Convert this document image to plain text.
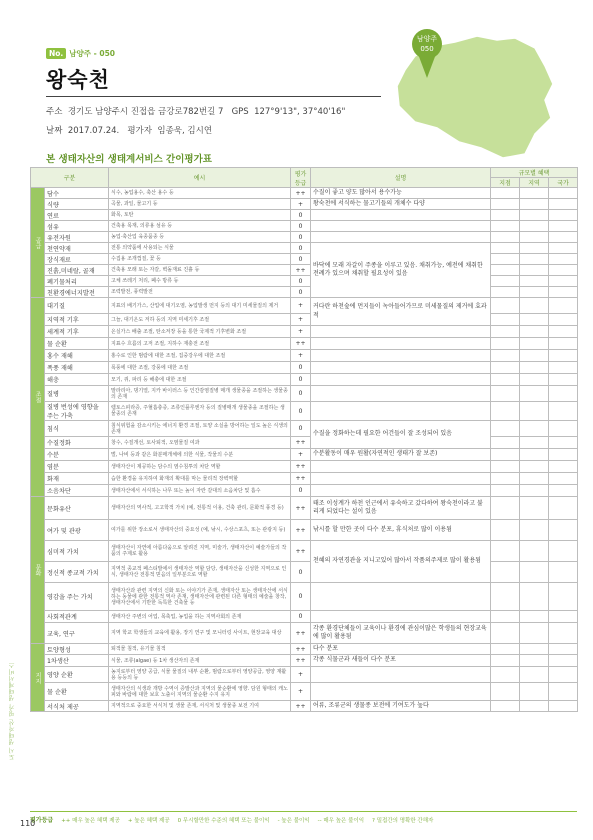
도시 생태자산 평가 생태계서비스
No. 남양주 - 050
왕숙천
주소 경기도 남양주시 진접읍 금강로782번길 7 GPS 127°9'13", 37°40'16"
날짜 2017.07.24. 평가자 임종욱, 김시연
남양주
050
본 생태자산의 생태계서비스 간이평가표
구분		예시	평가 등급	설명	규모별 혜택		
					지점	지역	국가

공급	담수	식수, 농업용수, 축산 용수 등	++	수질이 좋고 양도 많아서 용수가능			
	식량	곡물, 과일, 물고기 등	+	왕숙천에 서식하는 물고기들의 개체수 다양			
	연료	화목, 토탄	0				
	섬유	건축용 목재, 의류용 섬유 등	0				
	유전자원	농업·축산업 육종품종 등	0				
	천연약재	전통 의약품에 사용되는 식물	0	바닥에 모래 자갈이 주종을 이루고 있음. 채취가능, 예전에 채취한 전례가 있으며 채취할 필요성이 있음			
	장식재료	수집용 조개껍질, 꽃 등	0				
	진흙,미네랄, 골재	건축용 모래 또는 자갈, 벽돌재료 진흙 등	++				
	폐기물처리	고체 쓰레기 처리, 폐수 방류 등	0				
	친환경에너지발전	조력발전, 풍력발전	0				

조절	대기질	지표의 배기가스, 산업에 대기오염, 농업발생 먼지 등의 대기 미세물질의 제거	+	커다란 하천숲에 먼지들이 녹아들어가므로 미세물질의 제거에 효과적			
	지역적 기후	그늘, 대기온도 저하 등의 지역 미세기후 조절	+				
	세계적 기후	온실가스 배출 조절, 탄소저장 등을 통한 국제적 기후변화 조절	+				
	물 순환	지표수 흐름의 고저 조절, 지하수 재충전 조절	++				
	홍수 재해	홍수로 인한 범람에 대한 조절, 집중강우에 대한 조절	+				
	폭풍 재해	폭풍에 대한 조절, 강풍에 대한 조절	0				
	해충	모기, 쥐, 파리 등 해충에 대한 조절	0				
	질병	말라리아, 댕기열, 지카 바이러스 등 인간감염질병 매개 생물종을 조절하는 생물종의 존재	0				
	질병 번성에 영향을 주는 가축	렙토스피라증, 주혈흡충증, 조류인플루엔자 등의 질병매개 생물종을 조절하는 생물종의 존재	0				
	침식	침식위험을 감소시키는 에너지 환경 조절, 토양 소실을 방어하는 일도 높은 식생의 존재	0	수질을 정화하는데 필요한 어건들이 잘 조성되어 있음			
	수질정화	창수, 수질개선, 토사퇴적, 오염물질 여과	++				
	수분	벌, 나비 등과 같은 화분매개체에 의한 식물, 작물의 수분	+	수분활동이 매우 원활(자연적인 생태가 잘 보존)			
	염분	생태자산이 제공하는 담수의 염수침투의 차단 역할	++				
	화재	습한 환경을 유지하여 화재의 확대를 막는 물리적 장벽역할	++				
	소음차단	생태자산에서 서식하는 나무 또는 높이 자란 갈대의 소음차단 및 흡수	0				

문화	문화유산	생태자산의 역사적, 고고학적 가치 (예, 전통적 이용, 건축 관리, 문화적 풍경 등)	++	태조 이성계가 하천 인근에서 유숙하고 갔다하여 왕숙천이라고 불리게 되었다는 설이 있음			
	여가 및 관광	여가를 위한 장소로서 생태자산의 중요성 (예, 낚시, 수상스포츠, 또는 관광지 등)	++	낚시를 할 만한 곳이 다수 분포, 휴식처로 많이 이용됨			
	심미적 가치	생태자산이 자연에 아름다움으로 알려진 지역, 미술가, 생태자산이 예술가들의 작품의 주제로 활용	++	천혜의 자연경관을 지니고있어 많아서 작품의주제로 많이 활용됨			
	정신적 종교적 가치	지역적 종교적 페스티발에서 생태자산 역할 담당, 생태자산을 신성한 지역으로 인식, 생태자산 전통적 믿음의 일부분으로 역할	0				
	영감을 주는 가치	생태자산과 관련 지역의 신화 또는 이야기가 존재, 생태자산 또는 생태자산에 서식하는 동물에 관한 전통적 역사 존재, 생태자산에 관련된 다른 형태의 예술을 창작, 생태자산에서 기반한 독특한 건축물 등	0				
	사회적관계	생태자산 주변의 어업, 목축업, 농업을 하는 지역사회의 존재	0				
	교육, 연구	지역 학교 학생들의 교육에 활용, 장기 연구 및 모니터링 사이트, 현장교육 대상	++	각종 환경단체들이 교육이나 환경에 관심이많은 학생들의 현장교육에 많이 활용됨			

지지	토양형성	퇴적물 침적, 유기물 침적	++	다수 분포			
	1차생산	식물, 조류(algae) 등 1차 생산자의 존재	++	각종 식물군과 새들이 다수 분포			
	영양 순환	농지로부터 영양 공급, 식물 물질의 내부 순환, 범람으로부터 영양공급, 영양 재활용 등등의 등	+				
	물 순환	생태자산의 식생과 개방 수역이 증발산과 지역의 물순환에 영향. 담원 형태의 캐노피와 바람에 대한 보호 노출이 지역의 물순환 수지 유지	+				
	서식처 제공	지역적으로 중요한 서식처 및 생물 존재, 서식처 및 생물종 보전 기여	++	어류, 조류군의 생물종 보전에 기여도가 높다			
평가등급 ++ 매우 높은 혜택 제공 + 높은 혜택 제공 0 무시할만한 수준의 혜택 또는 불이익 - 높은 불이익 -- 매우 높은 불이익 ? 밀접간의 명확한 간해자
110
